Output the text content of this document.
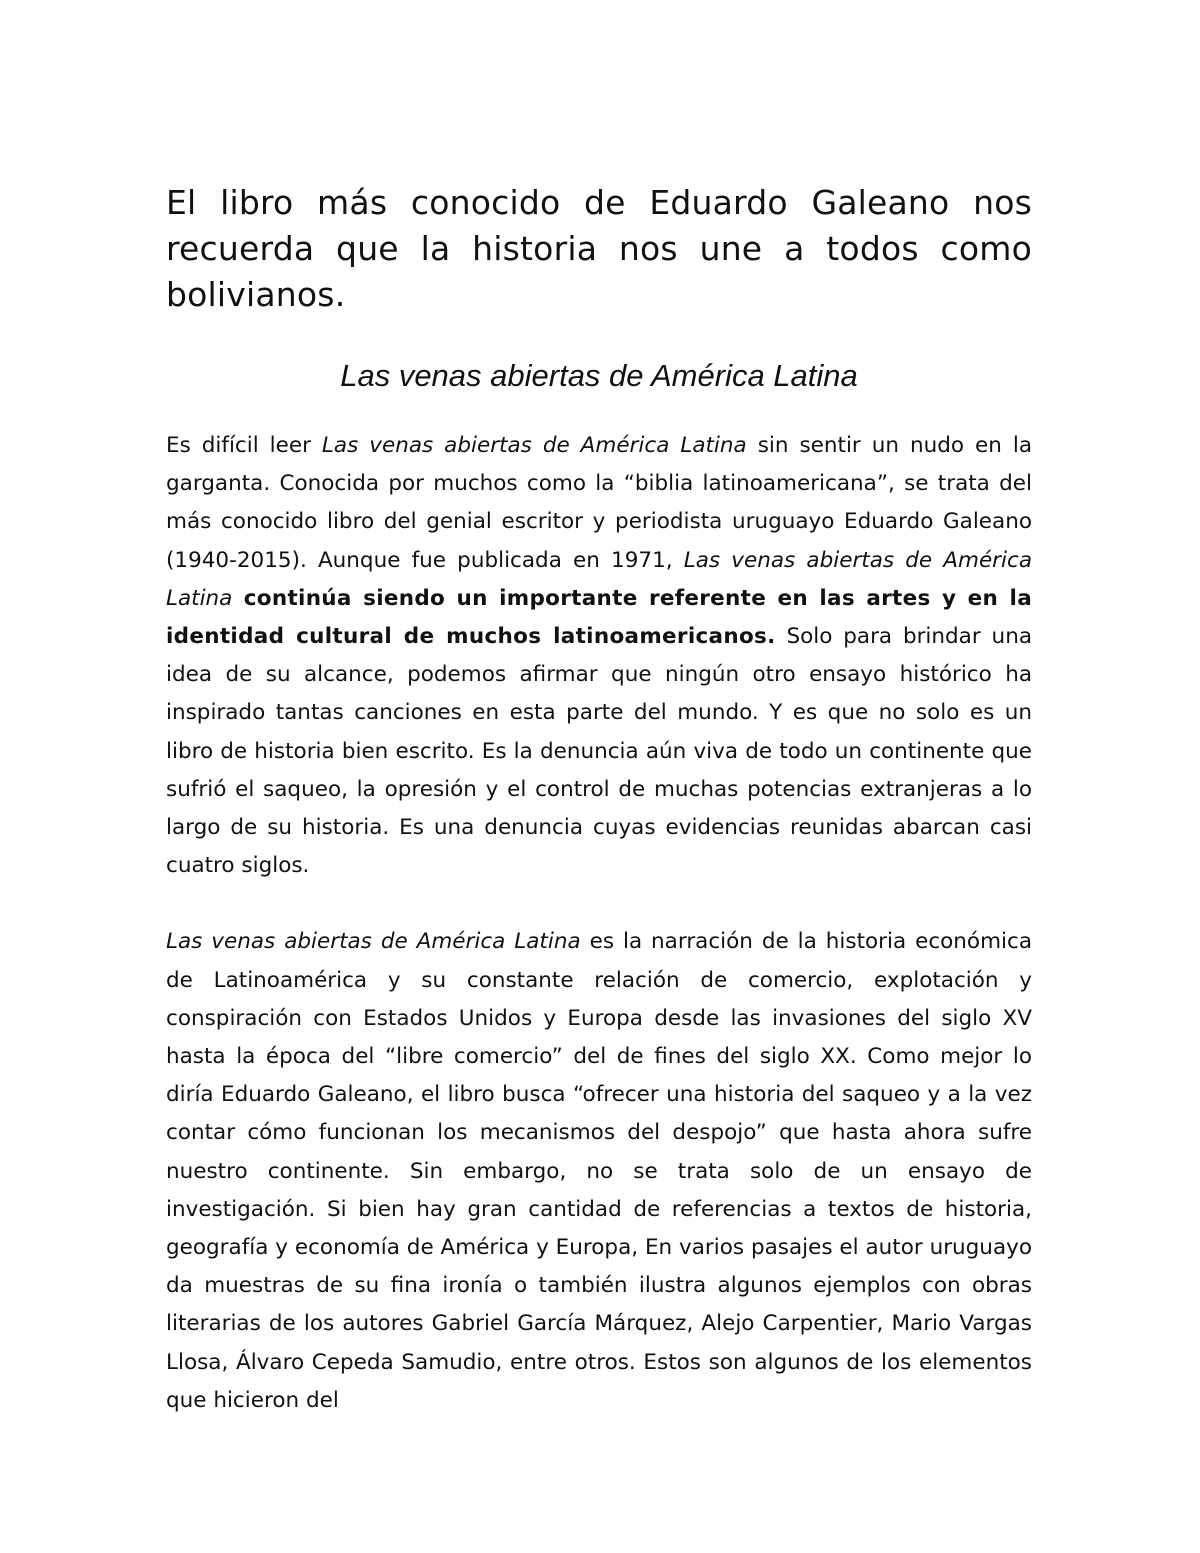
El libro más conocido de Eduardo Galeano nos recuerda que la historia nos une a todos como bolivianos.
Las venas abiertas de América Latina

Es difícil leer Las venas abiertas de América Latina sin sentir un nudo en la garganta. Conocida por muchos como la “biblia latinoamericana”, se trata del más conocido libro del genial escritor y periodista uruguayo Eduardo Galeano (1940-2015). Aunque fue publicada en 1971, Las venas abiertas de América Latina continúa siendo un importante referente en las artes y en la identidad cultural de muchos latinoamericanos. Solo para brindar una idea de su alcance, podemos afirmar que ningún otro ensayo histórico ha inspirado tantas canciones en esta parte del mundo. Y es que no solo es un libro de historia bien escrito. Es la denuncia aún viva de todo un continente que sufrió el saqueo, la opresión y el control de muchas potencias extranjeras a lo largo de su historia. Es una denuncia cuyas evidencias reunidas abarcan casi cuatro siglos.

Las venas abiertas de América Latina es la narración de la historia económica de Latinoamérica y su constante relación de comercio, explotación y conspiración con Estados Unidos y Europa desde las invasiones del siglo XV hasta la época del “libre comercio” del de fines del siglo XX. Como mejor lo diría Eduardo Galeano, el libro busca “ofrecer una historia del saqueo y a la vez contar cómo funcionan los mecanismos del despojo” que hasta ahora sufre nuestro continente. Sin embargo, no se trata solo de un ensayo de investigación. Si bien hay gran cantidad de referencias a textos de historia, geografía y economía de América y Europa, En varios pasajes el autor uruguayo da muestras de su fina ironía o también ilustra algunos ejemplos con obras literarias de los autores Gabriel García Márquez, Alejo Carpentier, Mario Vargas Llosa, Álvaro Cepeda Samudio, entre otros. Estos son algunos de los elementos que hicieron del
